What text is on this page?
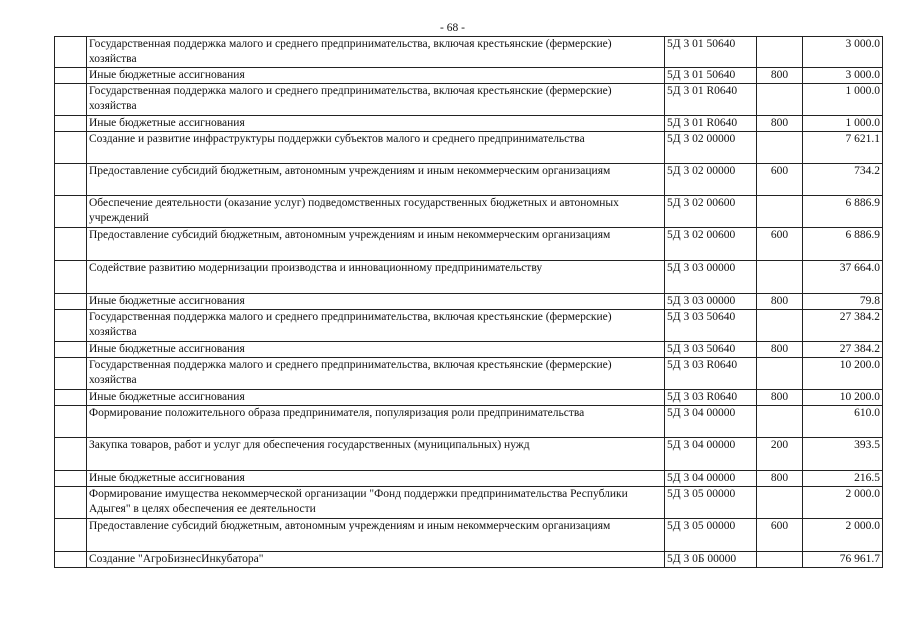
- 68 -
	Государственная поддержка малого и среднего предпринимательства, включая крестьянские (фермерские) хозяйства	5Д 3 01 50640		3 000.0
	Иные бюджетные ассигнования	5Д 3 01 50640	800	3 000.0
	Государственная поддержка малого и среднего предпринимательства, включая крестьянские (фермерские) хозяйства	5Д 3 01 R0640		1 000.0
	Иные бюджетные ассигнования	5Д 3 01 R0640	800	1 000.0
	Создание и развитие инфраструктуры поддержки субъектов малого и среднего предпринимательства	5Д 3 02 00000		7 621.1
	Предоставление субсидий бюджетным, автономным учреждениям и иным некоммерческим организациям	5Д 3 02 00000	600	734.2
	Обеспечение деятельности (оказание услуг) подведомственных государственных бюджетных и автономных учреждений	5Д 3 02 00600		6 886.9
	Предоставление субсидий бюджетным, автономным учреждениям и иным некоммерческим организациям	5Д 3 02 00600	600	6 886.9
	Содействие развитию модернизации производства и инновационному предпринимательству	5Д 3 03 00000		37 664.0
	Иные бюджетные ассигнования	5Д 3 03 00000	800	79.8
	Государственная поддержка малого и среднего предпринимательства, включая крестьянские (фермерские) хозяйства	5Д 3 03 50640		27 384.2
	Иные бюджетные ассигнования	5Д 3 03 50640	800	27 384.2
	Государственная поддержка малого и среднего предпринимательства, включая крестьянские (фермерские) хозяйства	5Д 3 03 R0640		10 200.0
	Иные бюджетные ассигнования	5Д 3 03 R0640	800	10 200.0
	Формирование положительного образа предпринимателя, популяризация роли предпринимательства	5Д 3 04 00000		610.0
	Закупка товаров, работ и услуг для обеспечения государственных (муниципальных) нужд	5Д 3 04 00000	200	393.5
	Иные бюджетные ассигнования	5Д 3 04 00000	800	216.5
	Формирование имущества некоммерческой организации "Фонд поддержки предпринимательства Республики Адыгея" в целях обеспечения ее деятельности	5Д 3 05 00000		2 000.0
	Предоставление субсидий бюджетным, автономным учреждениям и иным некоммерческим организациям	5Д 3 05 00000	600	2 000.0
	Создание "АгроБизнесИнкубатора"	5Д 3 0Б 00000		76 961.7
